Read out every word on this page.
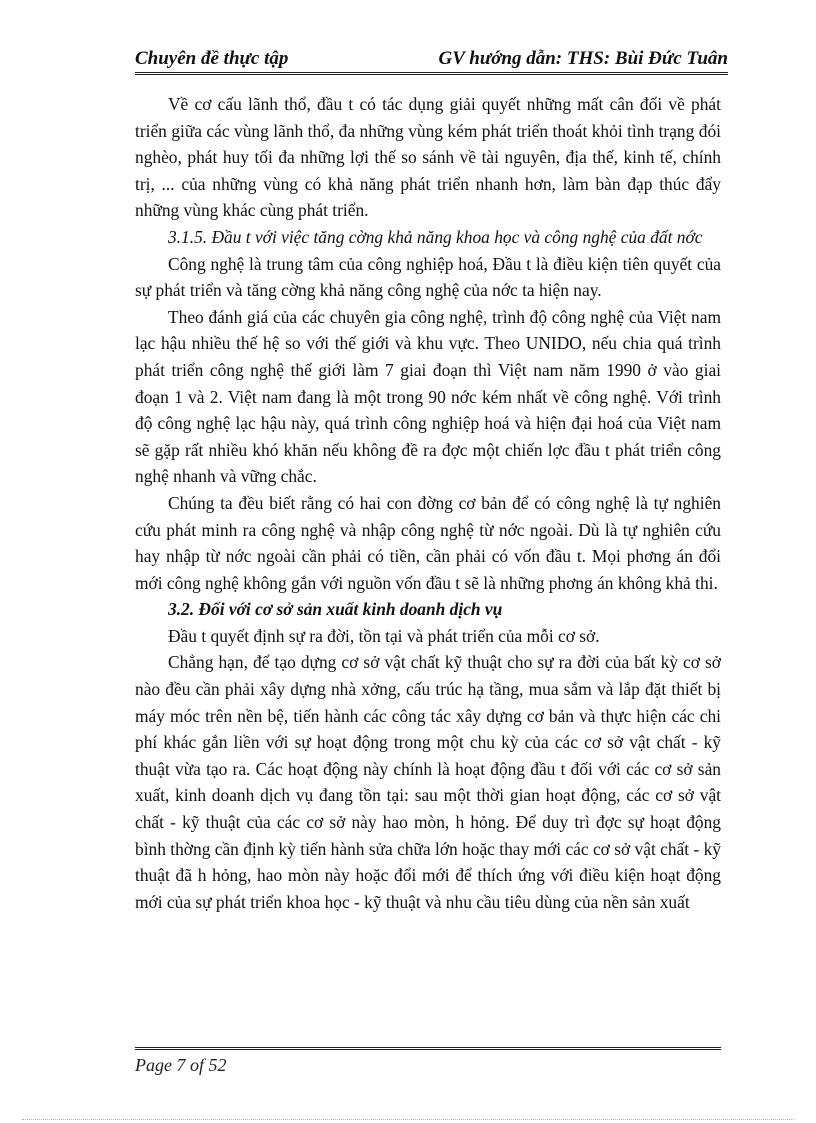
Chuyên đề thực tập	GV hướng dẫn: THS: Bùi Đức Tuân

Về cơ cấu lãnh thổ, đầu t có tác dụng giải quyết những mất cân đối về phát triển giữa các vùng lãnh thổ, đa những vùng kém phát triển thoát khỏi tình trạng đói nghèo, phát huy tối đa những lợi thế so sánh về tài nguyên, địa thế, kinh tế, chính trị, ... của những vùng có khả năng phát triển nhanh hơn, làm bàn đạp thúc đẩy những vùng khác cùng phát triển.

3.1.5. Đầu t với việc tăng cờng khả năng khoa học và công nghệ của đất nớc

Công nghệ là trung tâm của công nghiệp hoá, Đầu t là điều kiện tiên quyết của sự phát triển và tăng cờng khả năng công nghệ của nớc ta hiện nay.

Theo đánh giá của các chuyên gia công nghệ, trình độ công nghệ của Việt nam lạc hậu nhiều thế hệ so với thế giới và khu vực. Theo UNIDO, nếu chia quá trình phát triển công nghệ thế giới làm 7 giai đoạn thì Việt nam năm 1990 ở vào giai đoạn 1 và 2. Việt nam đang là một trong 90 nớc kém nhất về công nghệ. Với trình độ công nghệ lạc hậu này, quá trình công nghiệp hoá và hiện đại hoá của Việt nam sẽ gặp rất nhiều khó khăn nếu không đề ra đợc một chiến lợc đầu t phát triển công nghệ nhanh và vững chắc.

Chúng ta đều biết rằng có hai con đờng cơ bản để có công nghệ là tự nghiên cứu phát minh ra công nghệ và nhập công nghệ từ nớc ngoài. Dù là tự nghiên cứu hay nhập từ nớc ngoài cần phải có tiền, cần phải có vốn đầu t. Mọi phơng án đổi mới công nghệ không gắn với nguồn vốn đầu t sẽ là những phơng án không khả thi.

3.2. Đối với cơ sở sản xuất kinh doanh dịch vụ

Đầu t quyết định sự ra đời, tồn tại và phát triển của mỗi cơ sở.

Chẳng hạn, để tạo dựng cơ sở vật chất kỹ thuật cho sự ra đời của bất kỳ cơ sở nào đều cần phải xây dựng nhà xởng, cấu trúc hạ tầng, mua sắm và lắp đặt thiết bị máy móc trên nền bệ, tiến hành các công tác xây dựng cơ bản và thực hiện các chi phí khác gắn liền với sự hoạt động trong một chu kỳ của các cơ sở vật chất - kỹ thuật vừa tạo ra. Các hoạt động này chính là hoạt động đầu t đối với các cơ sở sản xuất, kinh doanh dịch vụ đang tồn tại: sau một thời gian hoạt động, các cơ sở vật chất - kỹ thuật của các cơ sở này hao mòn, h hỏng. Để duy trì đợc sự hoạt động bình thờng cần định kỳ tiến hành sửa chữa lớn hoặc thay mới các cơ sở vật chất - kỹ thuật đã h hỏng, hao mòn này hoặc đổi mới để thích ứng với điều kiện hoạt động mới của sự phát triển khoa học - kỹ thuật và nhu cầu tiêu dùng của nền sản xuất

Page 7 of 52
